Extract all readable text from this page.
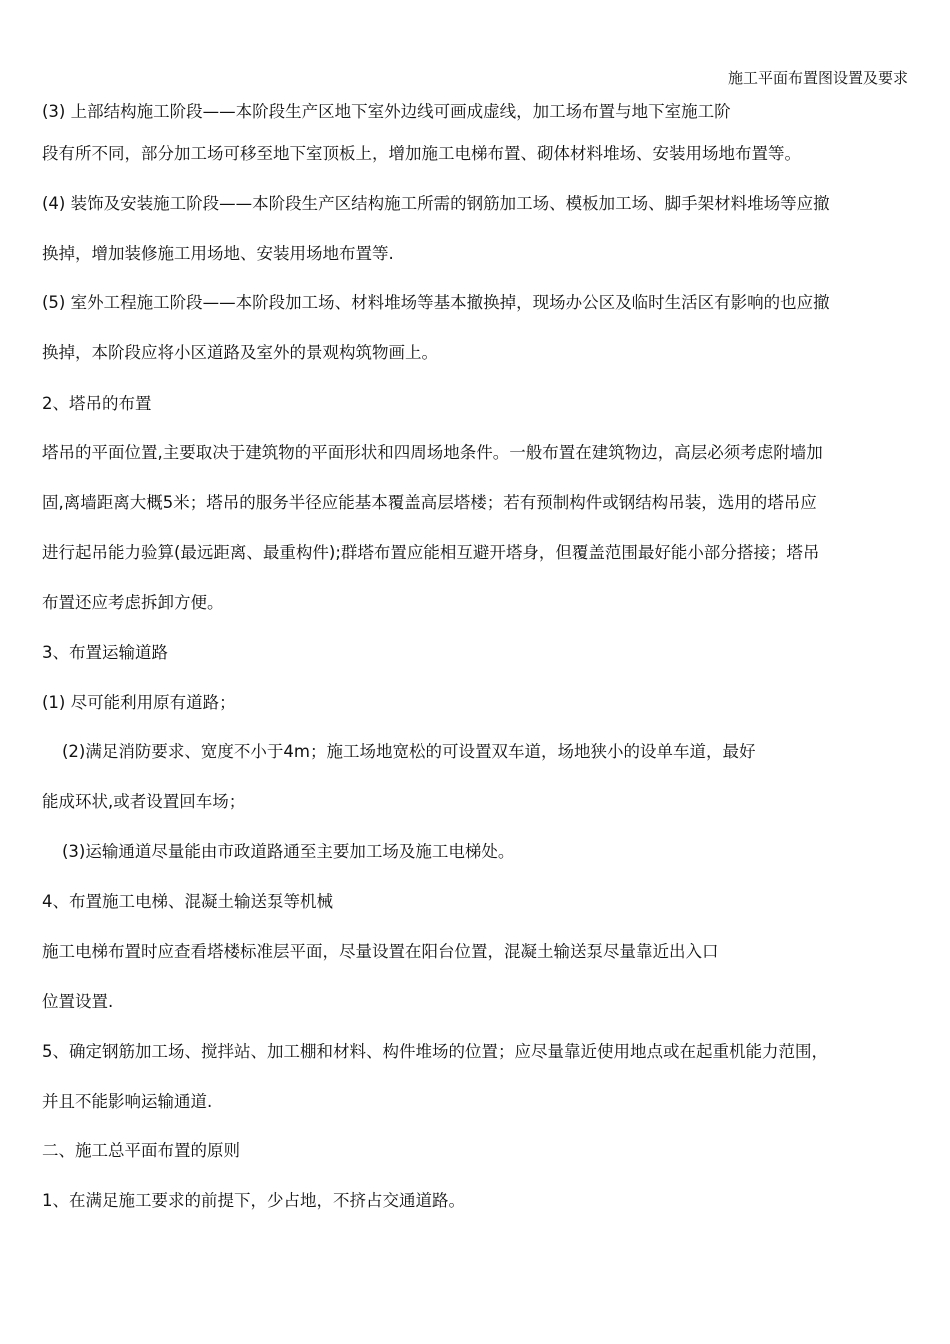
施工平面布置图设置及要求
(3) 上部结构施工阶段——本阶段生产区地下室外边线可画成虚线，加工场布置与地下室施工阶
段有所不同，部分加工场可移至地下室顶板上，增加施工电梯布置、砌体材料堆场、安装用场地布置等。
(4) 装饰及安装施工阶段——本阶段生产区结构施工所需的钢筋加工场、模板加工场、脚手架材料堆场等应撤
换掉，增加装修施工用场地、安装用场地布置等.
(5) 室外工程施工阶段——本阶段加工场、材料堆场等基本撤换掉，现场办公区及临时生活区有影响的也应撤
换掉，本阶段应将小区道路及室外的景观构筑物画上。
2、塔吊的布置
塔吊的平面位置,主要取决于建筑物的平面形状和四周场地条件。一般布置在建筑物边，高层必须考虑附墙加
固,离墙距离大概5米；塔吊的服务半径应能基本覆盖高层塔楼；若有预制构件或钢结构吊装，选用的塔吊应
进行起吊能力验算(最远距离、最重构件);群塔布置应能相互避开塔身，但覆盖范围最好能小部分搭接；塔吊
布置还应考虑拆卸方便。
3、布置运输道路
(1) 尽可能利用原有道路；
(2)满足消防要求、宽度不小于4m；施工场地宽松的可设置双车道，场地狭小的设单车道，最好
能成环状,或者设置回车场；
(3)运输通道尽量能由市政道路通至主要加工场及施工电梯处。
4、布置施工电梯、混凝土输送泵等机械
施工电梯布置时应查看塔楼标准层平面，尽量设置在阳台位置，混凝土输送泵尽量靠近出入口
位置设置.
5、确定钢筋加工场、搅拌站、加工棚和材料、构件堆场的位置；应尽量靠近使用地点或在起重机能力范围，
并且不能影响运输通道.
二、施工总平面布置的原则
1、在满足施工要求的前提下，少占地，不挤占交通道路。
